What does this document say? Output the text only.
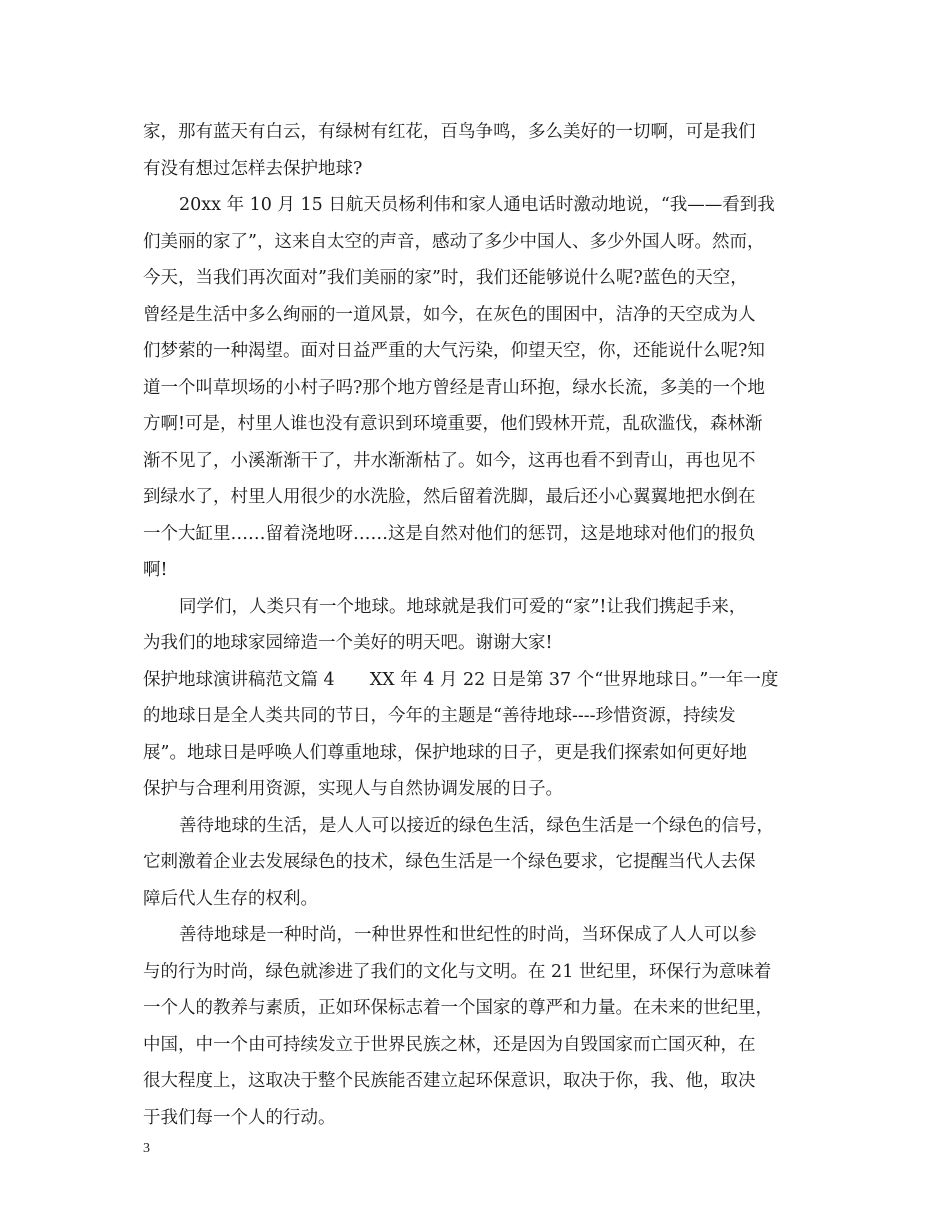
家，那有蓝天有白云，有绿树有红花，百鸟争鸣，多么美好的一切啊，可是我们
有没有想过怎样去保护地球?
20xx 年 10 月 15 日航天员杨利伟和家人通电话时激动地说，“我——看到我
们美丽的家了”，这来自太空的声音，感动了多少中国人、多少外国人呀。然而，
今天，当我们再次面对”我们美丽的家”时，我们还能够说什么呢?蓝色的天空，
曾经是生活中多么绚丽的一道风景，如今，在灰色的围困中，洁净的天空成为人
们梦萦的一种渴望。面对日益严重的大气污染，仰望天空，你，还能说什么呢?知
道一个叫草坝场的小村子吗?那个地方曾经是青山环抱，绿水长流，多美的一个地
方啊!可是，村里人谁也没有意识到环境重要，他们毁林开荒，乱砍滥伐，森林渐
渐不见了，小溪渐渐干了，井水渐渐枯了。如今，这再也看不到青山，再也见不
到绿水了，村里人用很少的水洗脸，然后留着洗脚，最后还小心翼翼地把水倒在
一个大缸里……留着浇地呀……这是自然对他们的惩罚，这是地球对他们的报负
啊!
同学们，人类只有一个地球。地球就是我们可爱的“家”!让我们携起手来，
为我们的地球家园缔造一个美好的明天吧。谢谢大家!
保护地球演讲稿范文篇 4　　XX 年 4 月 22 日是第 37 个“世界地球日。”一年一度
的地球日是全人类共同的节日，今年的主题是“善待地球----珍惜资源，持续发
展”。地球日是呼唤人们尊重地球，保护地球的日子，更是我们探索如何更好地
保护与合理利用资源，实现人与自然协调发展的日子。
善待地球的生活，是人人可以接近的绿色生活，绿色生活是一个绿色的信号，
它刺激着企业去发展绿色的技术，绿色生活是一个绿色要求，它提醒当代人去保
障后代人生存的权利。
善待地球是一种时尚，一种世界性和世纪性的时尚，当环保成了人人可以参
与的行为时尚，绿色就渗进了我们的文化与文明。在 21 世纪里，环保行为意味着
一个人的教养与素质，正如环保标志着一个国家的尊严和力量。在未来的世纪里，
中国，中一个由可持续发立于世界民族之林，还是因为自毁国家而亡国灭种，在
很大程度上，这取决于整个民族能否建立起环保意识，取决于你，我、他，取决
于我们每一个人的行动。
3
